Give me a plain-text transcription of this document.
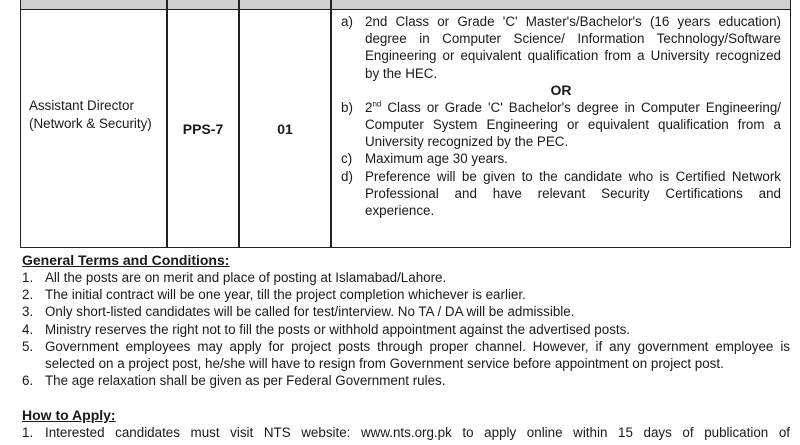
Assistant Director (Network & Security)	PPS-7	01
a) 2nd Class or Grade 'C' Master's/Bachelor's (16 years education) degree in Computer Science/ Information Technology/Software Engineering or equivalent qualification from a University recognized by the HEC.
OR
b) 2nd Class or Grade 'C' Bachelor's degree in Computer Engineering/ Computer System Engineering or equivalent qualification from a University recognized by the PEC.
c) Maximum age 30 years.
d) Preference will be given to the candidate who is Certified Network Professional and have relevant Security Certifications and experience.
General Terms and Conditions:
1. All the posts are on merit and place of posting at Islamabad/Lahore.
2. The initial contract will be one year, till the project completion whichever is earlier.
3. Only short-listed candidates will be called for test/interview. No TA / DA will be admissible.
4. Ministry reserves the right not to fill the posts or withhold appointment against the advertised posts.
5. Government employees may apply for project posts through proper channel. However, if any government employee is selected on a project post, he/she will have to resign from Government service before appointment on project post.
6. The age relaxation shall be given as per Federal Government rules.
How to Apply:
1. Interested candidates must visit NTS website: www.nts.org.pk to apply online within 15 days of publication of
